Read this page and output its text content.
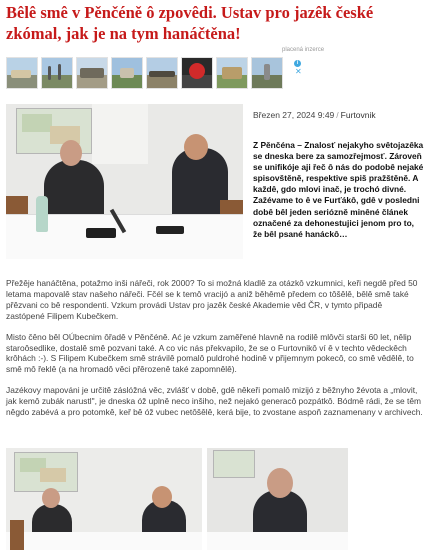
Bêlê smê v Pěnčéně ô zpovêdi. Ustav pro jazêk české zkómal, jak je na tym hanáčtěna!
placená inzerce
i✕
Březen 27, 2024 9:49 / Furtovnik
Z Pěnčéna – Znalosť nejakyho svêtojazêka se dneska bere za samozřejmosť. Zároveň se unifikóje aji řeč ô nás do podobê nejaké spisovštěně, respektive spiš pražštěně. A každê, gdo mlovi inač, je trochó divné. Zažévame to ê ve Furťákô, gdê v posledni dobê bêl jeden seriózně minêné článek označené za dehonestujici jenom pro to, že bêl psané hanáckô…

Přežêje hanáčtěna, potažmo inši nářeči, rok 2000? To si možná kladlê za otázkô vzkumnici, keři negdê před 50 letama mapovalê stav našeho nářeči. Fčél se k temô vracijó a aniž běhêmê předem co tôšêlê, bêlê smê také přêzvani co bê respondenti. Vzkum provádi Ustav pro jazêk české Akademie vêd ČR, v tymto připadê zastópené Filipem Kubečkem.

Misto čêno bêl OÚbecnim ôřadê v Pěnčéně. Ać je vzkum zaměřené hlavně na rodilê mlôvči starši 60 let, nêlip staroôsedlike, dostalê smê pozvani také. A co vic nás překvapilo, že se o Furtovnikô ví ê v techto vêdeckêch krôhách :-). S Filipem Kubečkem smê strávilê pomalô puldrohé hodinê v přijemnym pokecô, co smê vêdêlê, to smê mô řeklê (a na hromadô věci přêrozeně také zapomnêlê).

Jazékovy mapováni je určitê záslóžná věc, zvlášť v dobê, gdê nêkeři pomalô mizijó z běžnyho žévota a „mlovit, jak kemô zubák narustl", je dneska óž uplně neco inšiho, než nejakó generacô pozpátkô. Bódmê rádi, že se têm nêgdo zabévá a pro potomkê, keř bê óž vubec netôšêlê, kerá bije, to zvostane aspoň zaznamenany v archivech.
